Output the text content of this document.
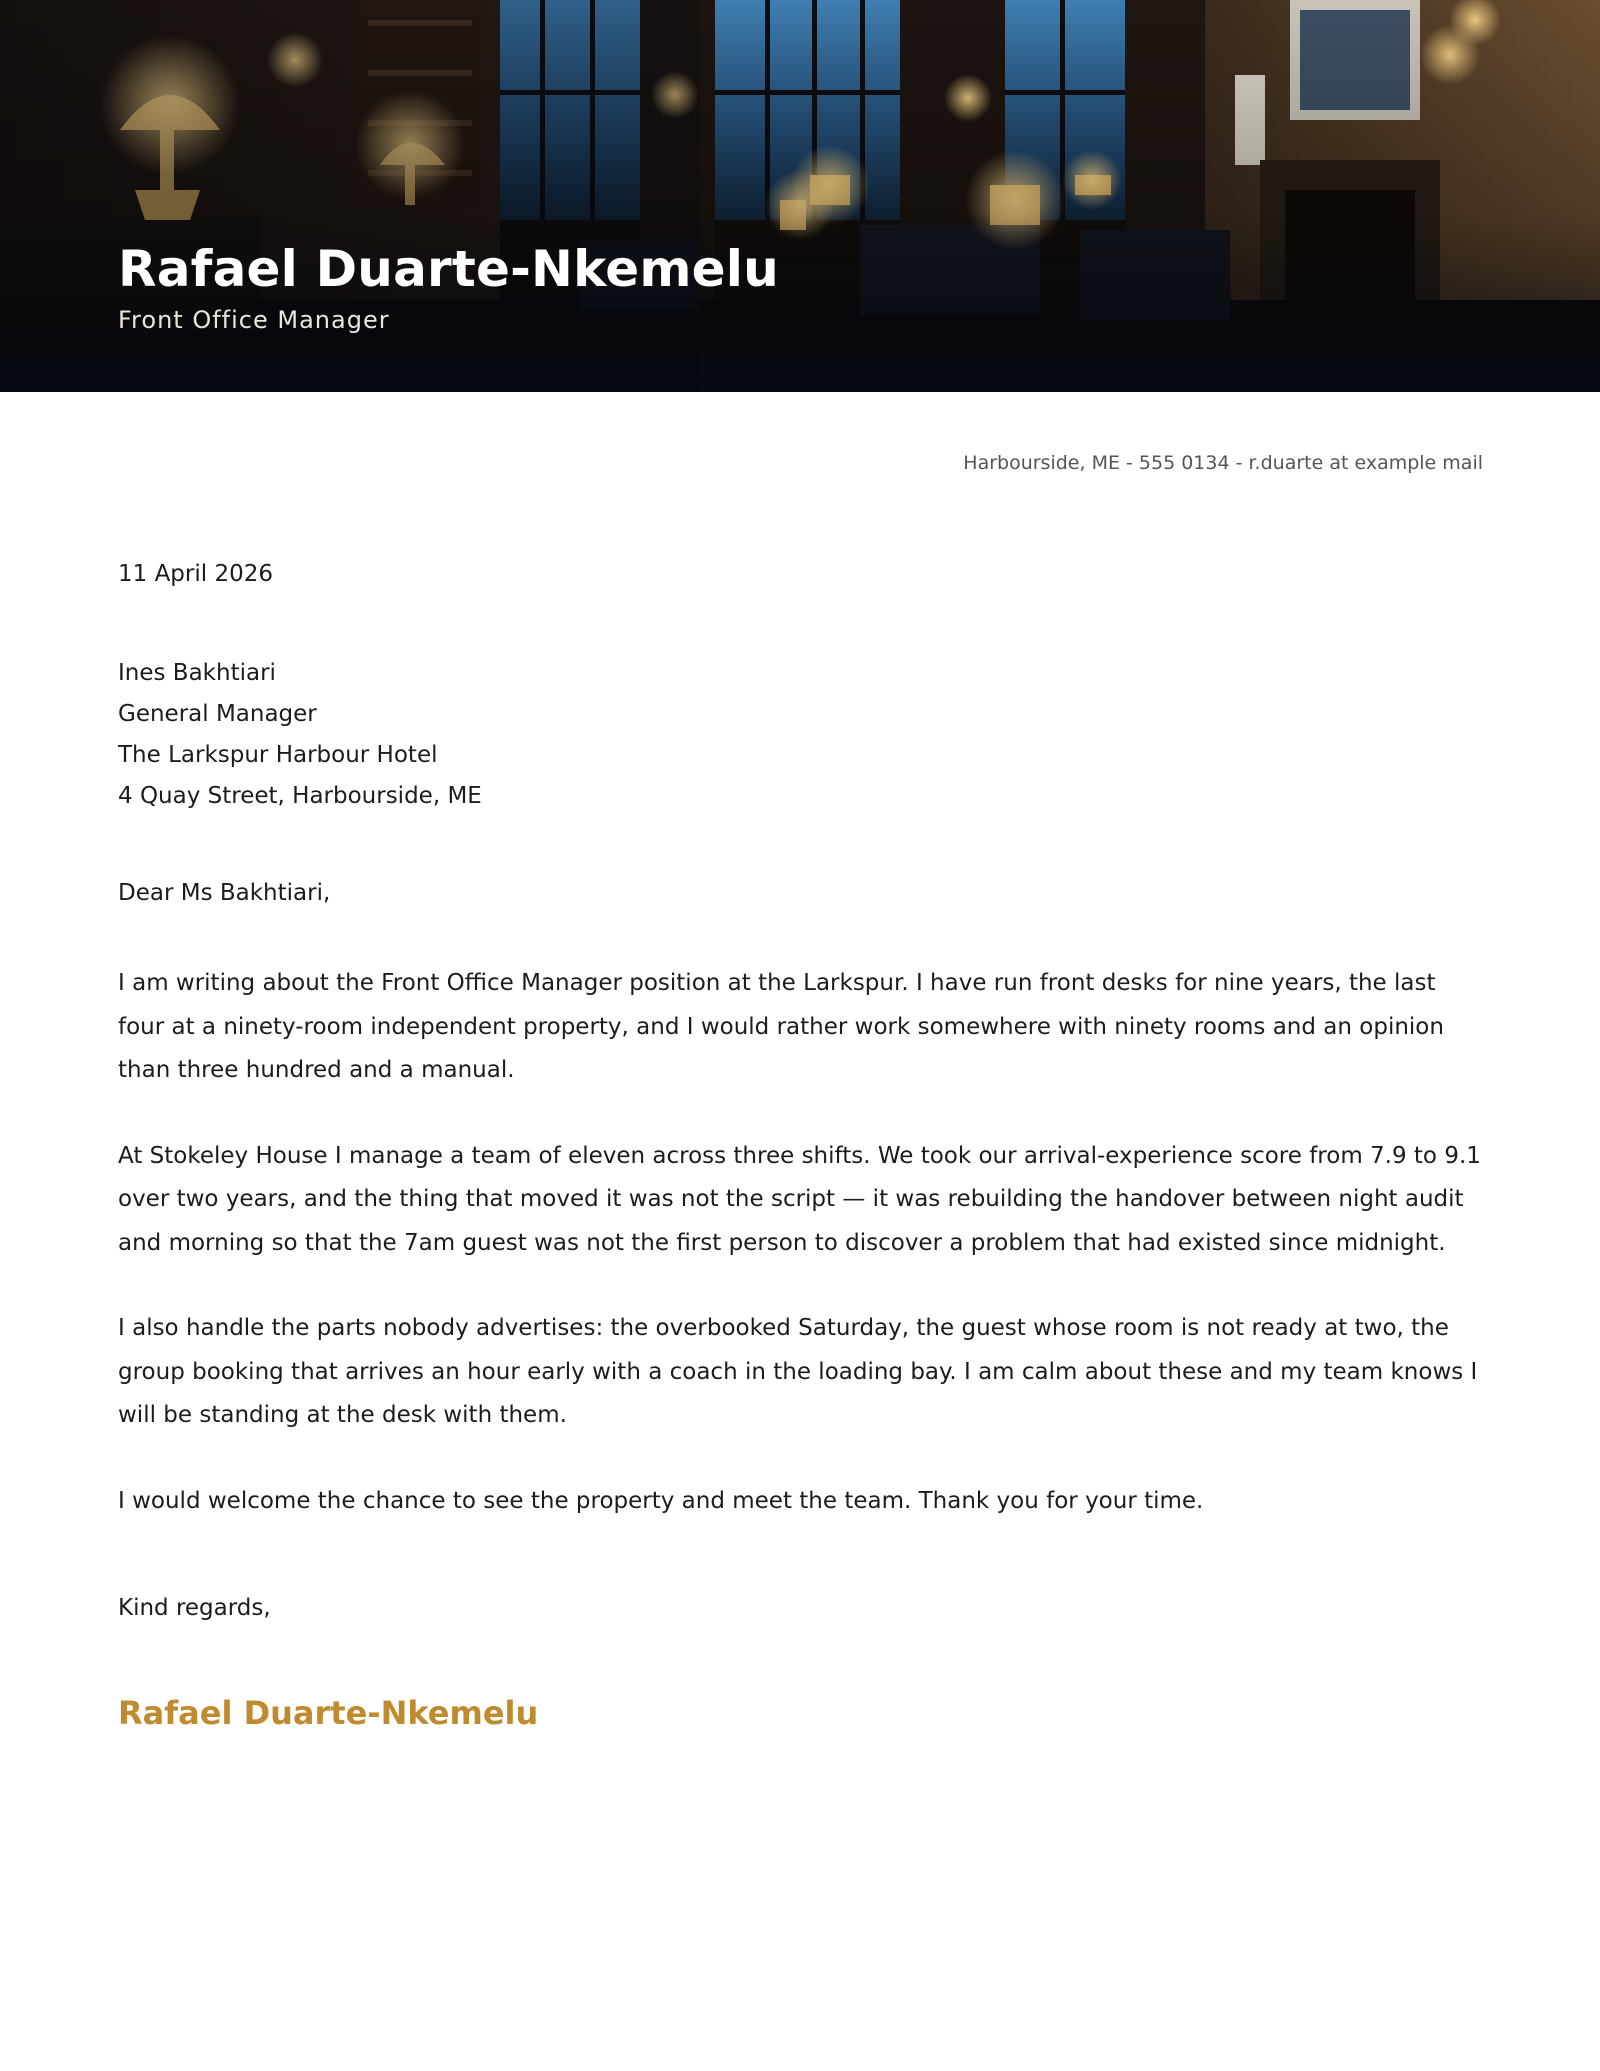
Rafael Duarte-Nkemelu
Front Office Manager
Harbourside, ME - 555 0134 - r.duarte at example mail

11 April 2026

Ines Bakhtiari
General Manager
The Larkspur Harbour Hotel
4 Quay Street, Harbourside, ME
Dear Ms Bakhtiari,

I am writing about the Front Office Manager position at the Larkspur. I have run front desks for nine years, the last four at a ninety-room independent property, and I would rather work somewhere with ninety rooms and an opinion than three hundred and a manual.

At Stokeley House I manage a team of eleven across three shifts. We took our arrival-experience score from 7.9 to 9.1 over two years, and the thing that moved it was not the script — it was rebuilding the handover between night audit and morning so that the 7am guest was not the first person to discover a problem that had existed since midnight.

I also handle the parts nobody advertises: the overbooked Saturday, the guest whose room is not ready at two, the group booking that arrives an hour early with a coach in the loading bay. I am calm about these and my team knows I will be standing at the desk with them.

I would welcome the chance to see the property and meet the team. Thank you for your time.

Kind regards,
Rafael Duarte-Nkemelu
